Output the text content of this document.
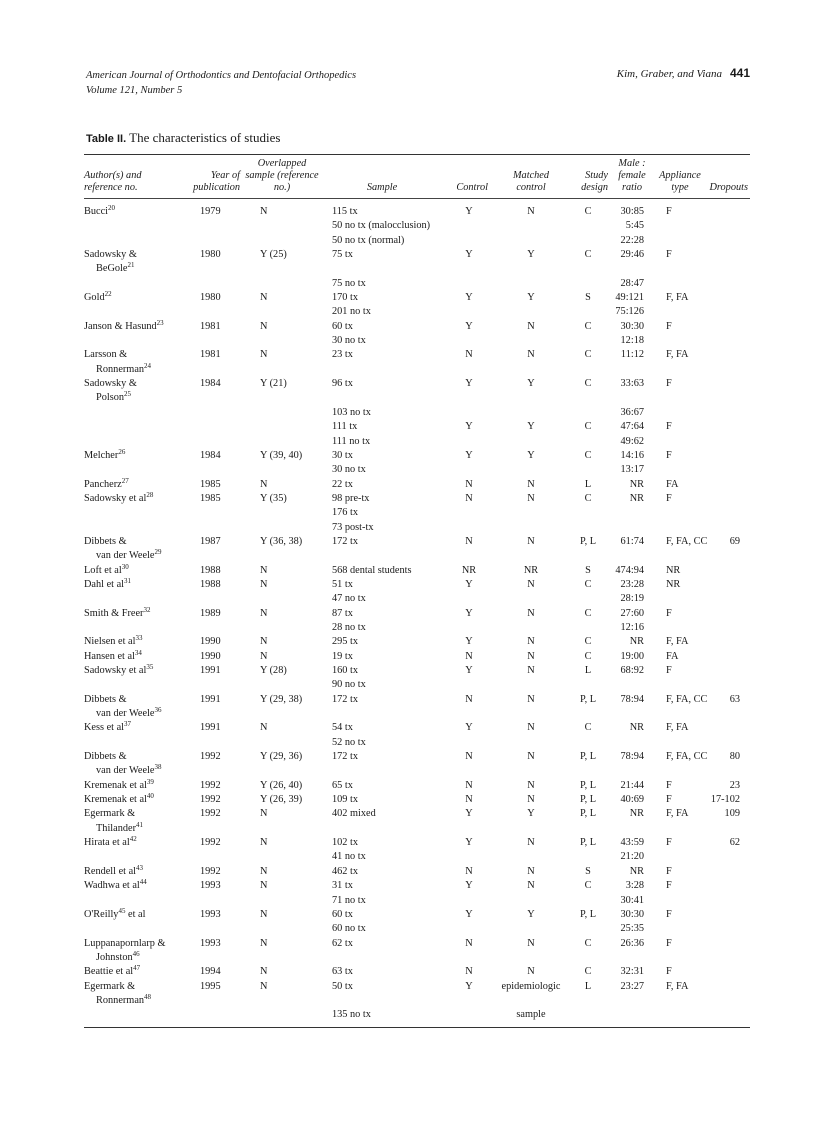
American Journal of Orthodontics and Dentofacial Orthopedics
Volume 121, Number 5
Kim, Graber, and Viana 441
Table II. The characteristics of studies
Author(s) and reference no.	Year of publication	Overlapped sample (reference no.)	Sample	Control	Matched control	Study design	Male : female ratio	Appliance type	Dropouts
Bucci$^{20}$	1979	N	115 tx	Y	N	C	30:85	F	
			50 no tx (malocclusion)				5:45		
			50 no tx (normal)				22:28		
Sadowsky &
BeGole$^{21}$	1980	Y (25)	75 tx	Y	Y	C	29:46	F	
			75 no tx				28:47		
Gold$^{22}$	1980	N	170 tx	Y	Y	S	49:121	F, FA	
			201 no tx				75:126		
Janson & Hasund$^{23}$	1981	N	60 tx	Y	N	C	30:30	F	
			30 no tx				12:18		
Larsson &
Ronnerman$^{24}$	1981	N	23 tx	N	N	C	11:12	F, FA	
Sadowsky &
Polson$^{25}$	1984	Y (21)	96 tx	Y	Y	C	33:63	F	
			103 no tx				36:67		
			111 tx	Y	Y	C	47:64	F	
			111 no tx				49:62		
Melcher$^{26}$	1984	Y (39, 40)	30 tx	Y	Y	C	14:16	F	
			30 no tx				13:17		
Pancherz$^{27}$	1985	N	22 tx	N	N	L	NR	FA	
Sadowsky et $al^{28}$	1985	Y (35)	98 pre-tx	N	N	C	NR	F	
			176 tx						
			73 post-tx						
Dibbets &
van der Weele$^{29}$	1987	Y (36, 38)	172 tx	N	N	P, L	61:74	F, FA, CC	69
Loft et $al^{30}$	1988	N	568 dental students	NR	NR	S	474:94	NR	
Dahl et $al^{31}$	1988	N	51 tx	Y	N	C	23:28	NR	
			47 no tx				28:19		
Smith & Freer$^{32}$	1989	N	87 tx	Y	N	C	27:60	F	
			28 no tx				12:16		
Nielsen et $al^{33}$	1990	N	295 tx	Y	N	C	NR	F, FA	
Hansen et $al^{34}$	1990	N	19 tx	N	N	C	19:00	FA	
Sadowsky et $al^{35}$	1991	Y (28)	160 tx	Y	N	L	68:92	F	
			90 no tx						
Dibbets &
van der Weele$^{36}$	1991	Y (29, 38)	172 tx	N	N	P, L	78:94	F, FA, CC	63
Kess et $al^{37}$	1991	N	54 tx	Y	N	C	NR	F, FA	
			52 no tx						
Dibbets &
van der Weele$^{38}$	1992	Y (29, 36)	172 tx	N	N	P, L	78:94	F, FA, CC	80
Kremenak et $al^{39}$	1992	Y (26, 40)	65 tx	N	N	P, L	21:44	F	23
Kremenak et $al^{40}$	1992	Y (26, 39)	109 tx	N	N	P, L	40:69	F	17-102
Egermark &
Thilander$^{41}$	1992	N	402 mixed	Y	Y	P, L	NR	F, FA	109
Hirata et $al^{42}$	1992	N	102 tx	Y	N	P, L	43:59	F	62
			41 no tx				21:20		
Rendell et $al^{43}$	1992	N	462 tx	N	N	S	NR	F	
Wadhwa et $al^{44}$	1993	N	31 tx	Y	N	C	3:28	F	
			71 no tx				30:41		
O'Reilly$^{45}$ et al	1993	N	60 tx	Y	Y	P, L	30:30	F	
			60 no tx				25:35		
Luppanapornlarp &
Johnston$^{46}$	1993	N	62 tx	N	N	C	26:36	F	
Beattie et $al^{47}$	1994	N	63 tx	N	N	C	32:31	F	
Egermark &
Ronnerman$^{48}$	1995	N	50 tx	Y	epidemiologic	L	23:27	F, FA	
			135 no tx		sample				
